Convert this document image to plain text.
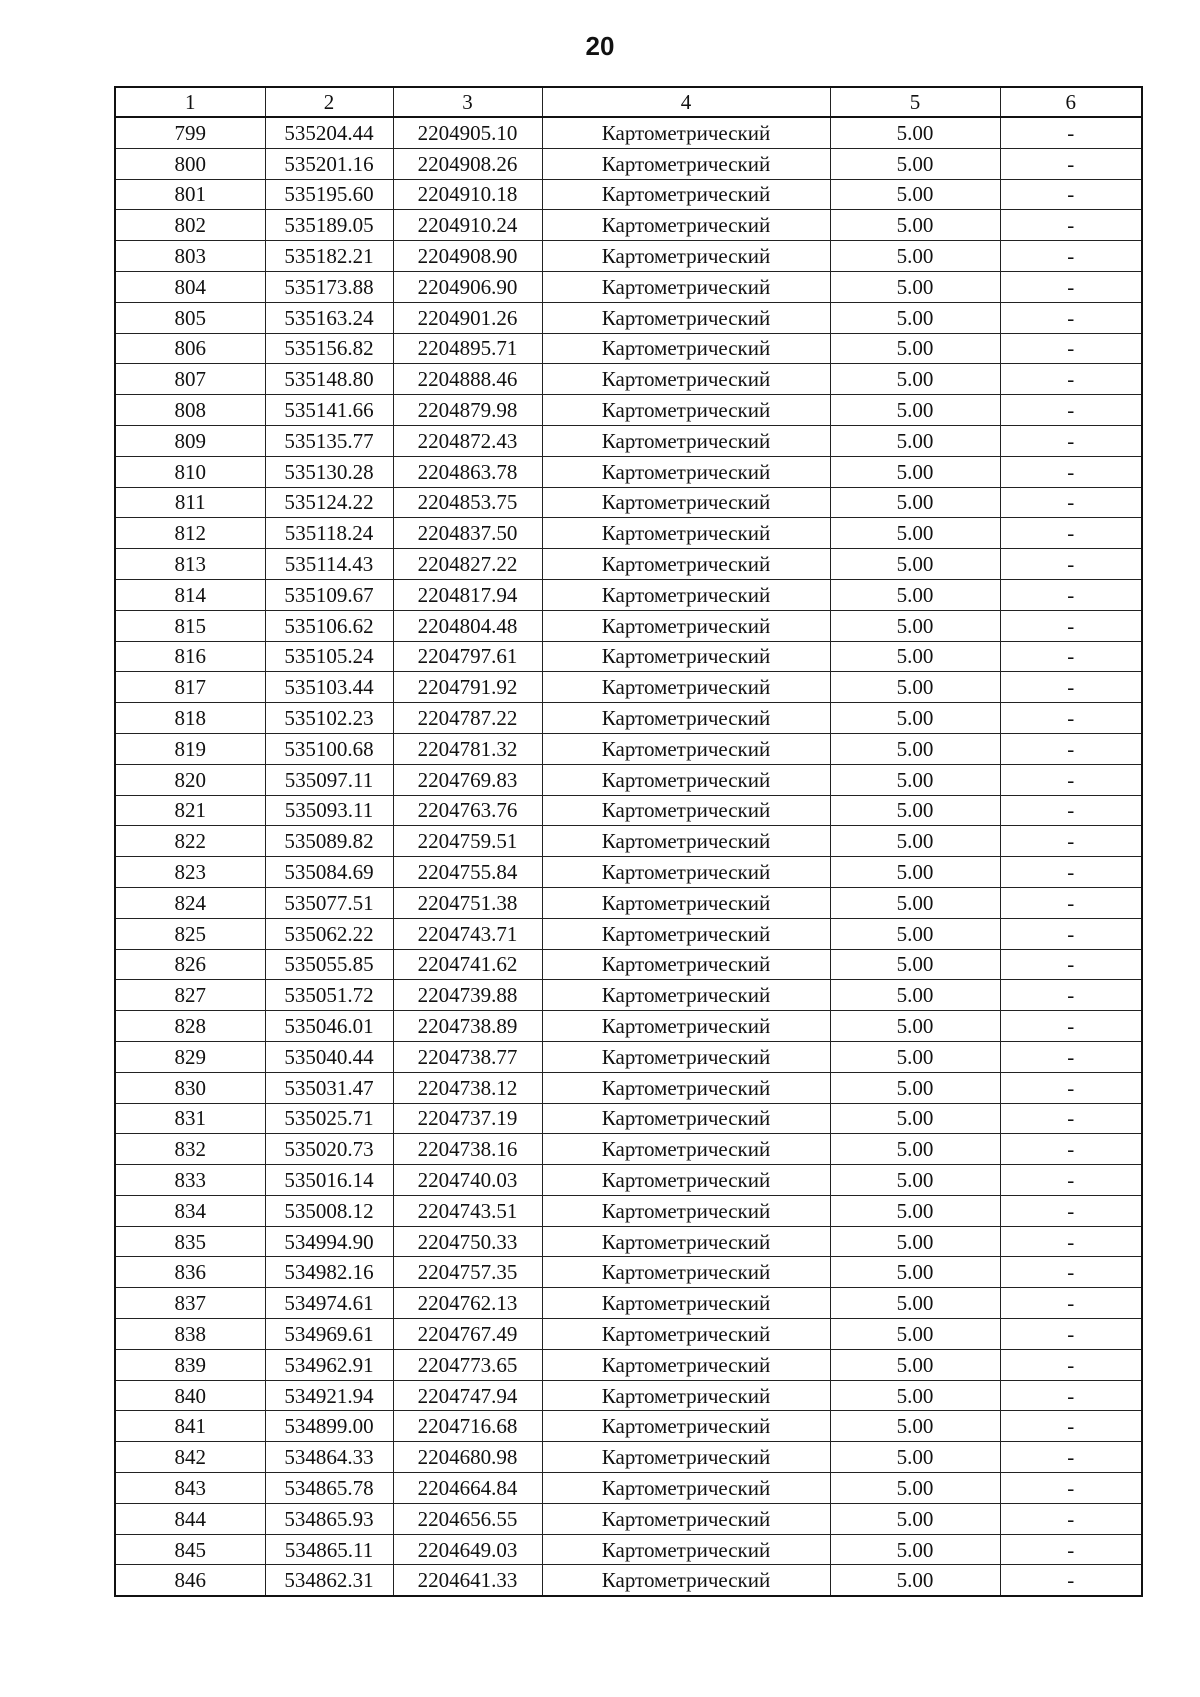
20
1	2	3	4	5	6
799	535204.44	2204905.10	Картометрический	5.00	-
800	535201.16	2204908.26	Картометрический	5.00	-
801	535195.60	2204910.18	Картометрический	5.00	-
802	535189.05	2204910.24	Картометрический	5.00	-
803	535182.21	2204908.90	Картометрический	5.00	-
804	535173.88	2204906.90	Картометрический	5.00	-
805	535163.24	2204901.26	Картометрический	5.00	-
806	535156.82	2204895.71	Картометрический	5.00	-
807	535148.80	2204888.46	Картометрический	5.00	-
808	535141.66	2204879.98	Картометрический	5.00	-
809	535135.77	2204872.43	Картометрический	5.00	-
810	535130.28	2204863.78	Картометрический	5.00	-
811	535124.22	2204853.75	Картометрический	5.00	-
812	535118.24	2204837.50	Картометрический	5.00	-
813	535114.43	2204827.22	Картометрический	5.00	-
814	535109.67	2204817.94	Картометрический	5.00	-
815	535106.62	2204804.48	Картометрический	5.00	-
816	535105.24	2204797.61	Картометрический	5.00	-
817	535103.44	2204791.92	Картометрический	5.00	-
818	535102.23	2204787.22	Картометрический	5.00	-
819	535100.68	2204781.32	Картометрический	5.00	-
820	535097.11	2204769.83	Картометрический	5.00	-
821	535093.11	2204763.76	Картометрический	5.00	-
822	535089.82	2204759.51	Картометрический	5.00	-
823	535084.69	2204755.84	Картометрический	5.00	-
824	535077.51	2204751.38	Картометрический	5.00	-
825	535062.22	2204743.71	Картометрический	5.00	-
826	535055.85	2204741.62	Картометрический	5.00	-
827	535051.72	2204739.88	Картометрический	5.00	-
828	535046.01	2204738.89	Картометрический	5.00	-
829	535040.44	2204738.77	Картометрический	5.00	-
830	535031.47	2204738.12	Картометрический	5.00	-
831	535025.71	2204737.19	Картометрический	5.00	-
832	535020.73	2204738.16	Картометрический	5.00	-
833	535016.14	2204740.03	Картометрический	5.00	-
834	535008.12	2204743.51	Картометрический	5.00	-
835	534994.90	2204750.33	Картометрический	5.00	-
836	534982.16	2204757.35	Картометрический	5.00	-
837	534974.61	2204762.13	Картометрический	5.00	-
838	534969.61	2204767.49	Картометрический	5.00	-
839	534962.91	2204773.65	Картометрический	5.00	-
840	534921.94	2204747.94	Картометрический	5.00	-
841	534899.00	2204716.68	Картометрический	5.00	-
842	534864.33	2204680.98	Картометрический	5.00	-
843	534865.78	2204664.84	Картометрический	5.00	-
844	534865.93	2204656.55	Картометрический	5.00	-
845	534865.11	2204649.03	Картометрический	5.00	-
846	534862.31	2204641.33	Картометрический	5.00	-
